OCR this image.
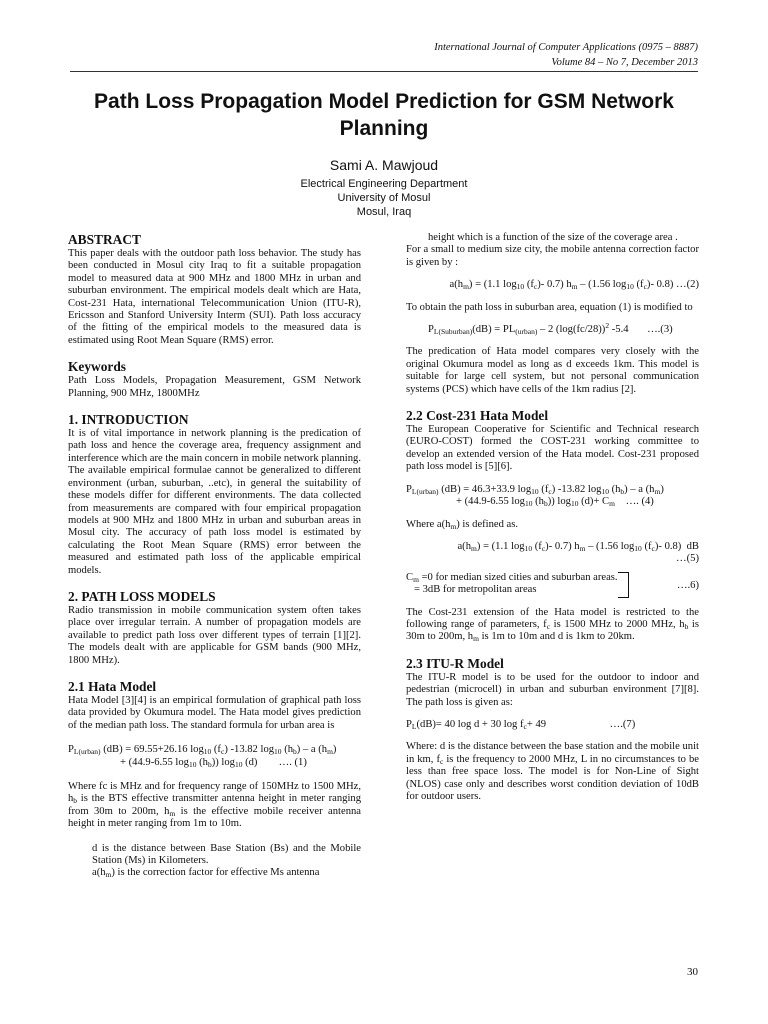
International Journal of Computer Applications (0975 – 8887)
Volume 84 – No 7, December 2013
Path Loss Propagation Model Prediction for GSM Network Planning
Sami A. Mawjoud
Electrical Engineering Department
University of Mosul
Mosul, Iraq
ABSTRACT

This paper deals with the outdoor path loss behavior. The study has been conducted in Mosul city Iraq to fit a suitable propagation model to measured data at 900 MHz and 1800 MHz in urban and suburban environment. The empirical models dealt which are Hata, Cost-231 Hata, international Telecommunication Union (ITU-R), Ericsson and Stanford University Interm (SUI). Path loss accuracy of the fitting of the empirical models to the measured data is estimated using Root Mean Square (RMS) error.

Keywords

Path Loss Models, Propagation Measurement, GSM Network Planning, 900 MHz, 1800MHz

1. INTRODUCTION

It is of vital importance in network planning is the predication of path loss and hence the coverage area, frequency assignment and interference which are the main concern in mobile network planning. The available empirical formulae cannot be generalized to different environment (urban, suburban, ..etc), in general the suitability of these models differ for different environments. The data collected from measurements are compared with four empirical propagation models at 900 MHz and 1800 MHz in urban and suburban areas in Mosul city. The accuracy of path loss model is estimated by calculating the Root Mean Square (RMS) error between the measured and estimated path loss of the applicable empirical models.

2. PATH LOSS MODELS

Radio transmission in mobile communication system often takes place over irregular terrain. A number of propagation models are available to predict path loss over different types of terrain [1][2]. The models dealt with are applicable for GSM bands (900 MHz, 1800 MHz).

2.1 Hata Model

Hata Model [3][4] is an empirical formulation of graphical path loss data provided by Okumura model. The Hata model gives prediction of the median path loss. The standard formula for urban area is

$P_{L(urban)}$ (dB) = 69.55+26.16 $\log_{10} (f_c)$ -13.82 $\log_{10} (h_b)$ – a $(h_m)$
+ (44.9-6.55 $\log_{10} (h_b)$) $\log_{10} (d)$ …. (1)

Where fc is MHz and for frequency range of 150MHz to 1500 MHz, $h_b$ is the BTS effective transmitter antenna height in meter ranging from 30m to 200m, $h_m$ is the effective mobile receiver antenna height in meter ranging from 1m to 10m.

d is the distance between Base Station (Bs) and the Mobile Station (Ms) in Kilometers.

$a(h_m)$ is the correction factor for effective Ms antenna

height which is a function of the size of the coverage area .

For a small to medium size city, the mobile antenna correction factor is given by :

$a(h_m) = (1.1$ $\log_{10} (f_c)-$ 0.7) $h_m - (1.56$ $\log_{10} (f_c)-$ 0.8) …(2)

To obtain the path loss in suburban area, equation (1) is modified to

$P_{L(Suburban)}(dB) = PL_{(urban)} - 2$ $(\log(fc/28))^2$ -5.4       ….(3)

The predication of Hata model compares very closely with the original Okumura model as long as d exceeds 1km. This model is suitable for large cell system, but not personal communication systems (PCS) which have cells of the 1km radius [2].

2.2 Cost-231 Hata Model

The European Cooperative for Scientific and Technical research (EURO-COST) formed the COST-231 working committee to develop an extended version of the Hata model. Cost-231 proposed path loss model is [5][6].

$P_{L(urban)}$ (dB) = 46.3+33.9 $\log_{10} (f_c)$ -13.82 $\log_{10} (h_b)$ – a $(h_m)$
+ (44.9-6.55 $\log_{10} (h_b)$) $\log_{10} (d)+ C_m$ …. (4)

Where $a(h_m)$ is defined as.

$a(h_m) = (1.1$ $\log_{10} (f_c)-$ 0.7) $h_m - (1.56$ $\log_{10} (f_c)-$ 0.8)  dB
…(5)
$C_m =0$ for median sized cities and suburban areas.
= 3dB for metropolitan areas	….6)

The Cost-231 extension of the Hata model is restricted to the following range of parameters, $f_c$ is 1500 MHz to 2000 MHz, $h_b$ is 30m to 200m, $h_m$ is 1m to 10m and d is 1km to 20km.

2.3 ITU-R Model

The ITU-R model is to be used for the outdoor to indoor and pedestrian (microcell) in urban and suburban environment [7][8]. The path loss is given as:

$P_L(dB)= 40$ log d + 30 $\log f_c+ 49$                        ….(7)

Where: d is the distance between the base station and the mobile unit in km, $f_c$ is the frequency to 2000 MHz, L in no circumstances to be less than free space loss. The model is for Non-Line of Sight (NLOS) case only and describes worst condition deviation of 10dB for outdoor users.

30
